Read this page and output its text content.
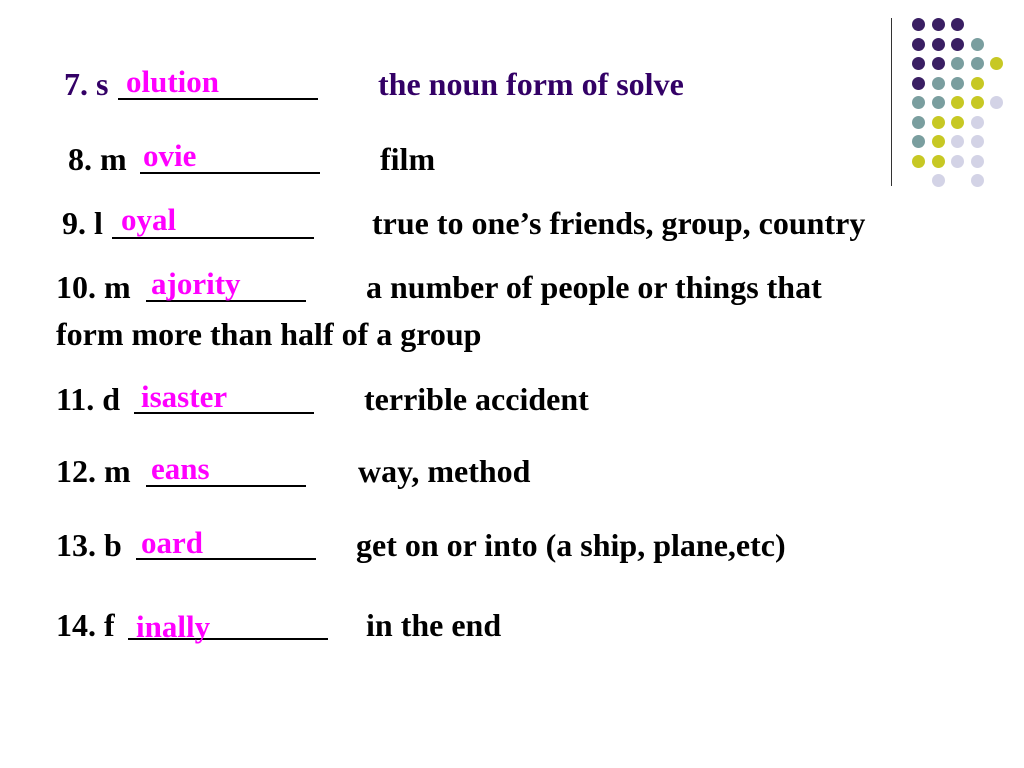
7. s olution	the noun form of solve
8. m ovie	film
9. l oyal	true to one’s friends, group, country
10. m ajority	a number of people or things that
form more than half of a group
11. d isaster	terrible accident
12. m eans	way, method
13. b oard	get on or into (a ship, plane,etc)
14. f inally	in the end
